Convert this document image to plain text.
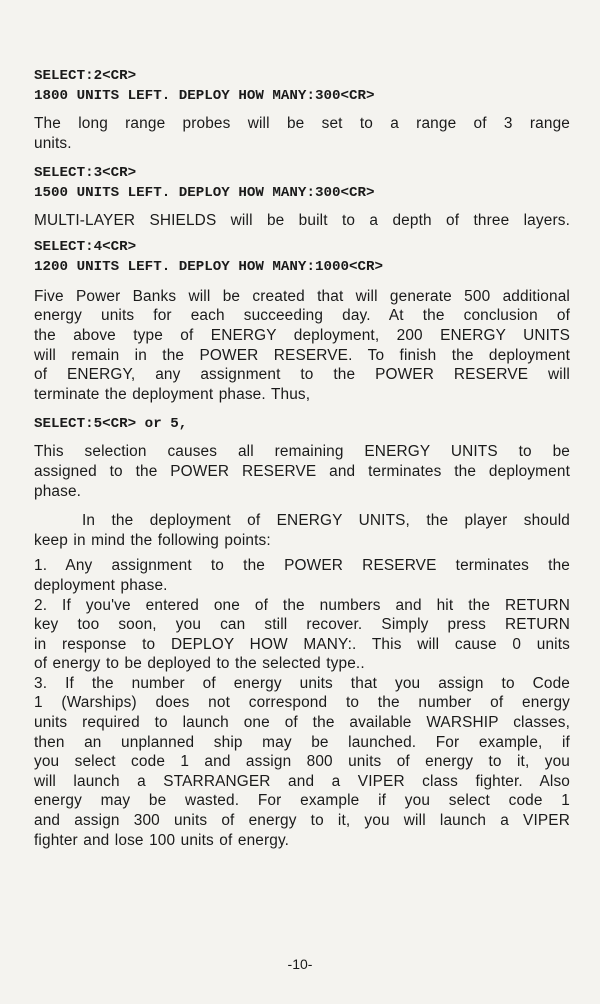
SELECT:2<CR>

1800 UNITS LEFT. DEPLOY HOW MANY:300<CR>

The long range probes will be set to a range of 3 range
units.

SELECT:3<CR>

1500 UNITS LEFT. DEPLOY HOW MANY:300<CR>

MULTI-LAYER SHIELDS will be built to a depth of three layers.

SELECT:4<CR>

1200 UNITS LEFT. DEPLOY HOW MANY:1000<CR>

Five Power Banks will be created that will generate 500 additional
energy units for each succeeding day. At the conclusion of
the above type of ENERGY deployment, 200 ENERGY UNITS
will remain in the POWER RESERVE. To finish the deployment
of ENERGY, any assignment to the POWER RESERVE will
terminate the deployment phase. Thus,

SELECT:5<CR> or 5,

This selection causes all remaining ENERGY UNITS to be
assigned to the POWER RESERVE and terminates the deployment
phase.

In the deployment of ENERGY UNITS, the player should
keep in mind the following points:

1. Any assignment to the POWER RESERVE terminates the
deployment phase.
2. If you've entered one of the numbers and hit the RETURN
key too soon, you can still recover. Simply press RETURN
in response to DEPLOY HOW MANY:. This will cause 0 units
of energy to be deployed to the selected type..
3. If the number of energy units that you assign to Code
1 (Warships) does not correspond to the number of energy
units required to launch one of the available WARSHIP classes,
then an unplanned ship may be launched. For example, if
you select code 1 and assign 800 units of energy to it, you
will launch a STARRANGER and a VIPER class fighter. Also
energy may be wasted. For example if you select code 1
and assign 300 units of energy to it, you will launch a VIPER
fighter and lose 100 units of energy.

-10-
